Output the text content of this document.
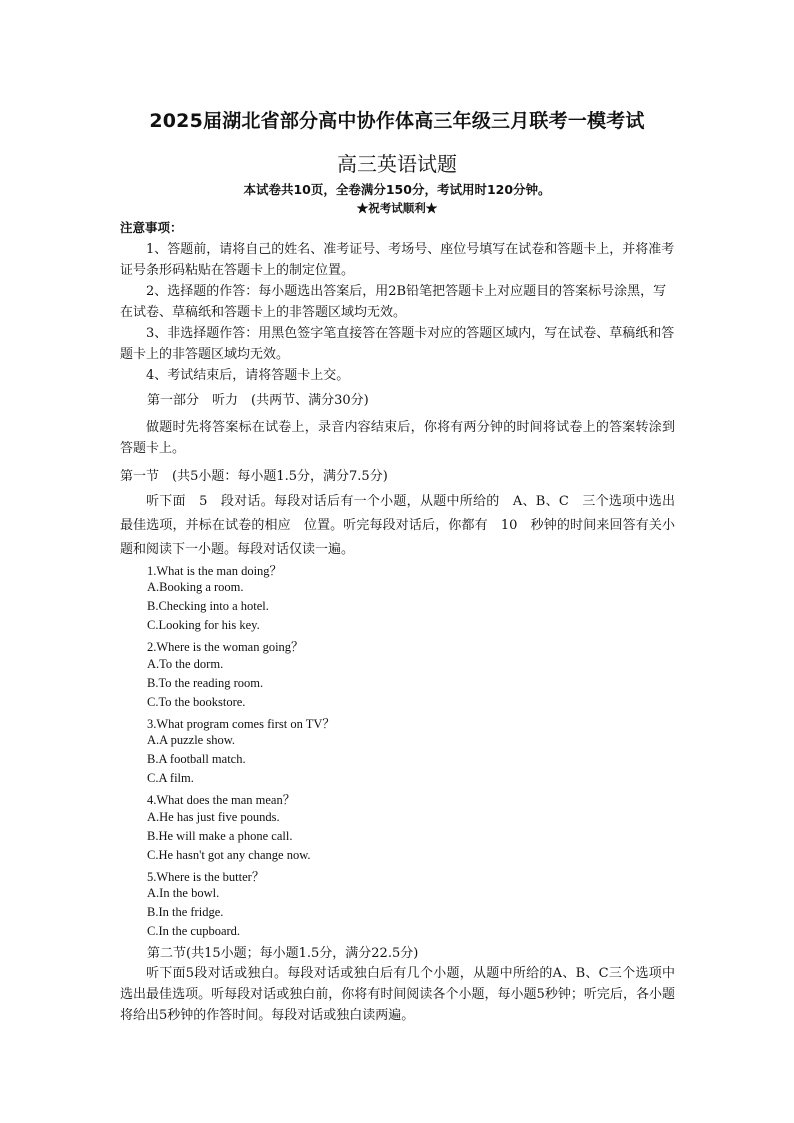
2025届湖北省部分高中协作体高三年级三月联考一模考试
高三英语试题
本试卷共10页，全卷满分150分，考试用时120分钟。
★祝考试顺利★
注意事项：

1、答题前，请将自己的姓名、准考证号、考场号、座位号填写在试卷和答题卡上，并将准考证号条形码粘贴在答题卡上的制定位置。

2、选择题的作答：每小题选出答案后，用2B铅笔把答题卡上对应题目的答案标号涂黑，写在试卷、草稿纸和答题卡上的非答题区域均无效。

3、非选择题作答：用黑色签字笔直接答在答题卡对应的答题区域内，写在试卷、草稿纸和答题卡上的非答题区域均无效。

4、考试结束后，请将答题卡上交。

第一部分　听力　(共两节、满分30分)
做题时先将答案标在试卷上，录音内容结束后，你将有两分钟的时间将试卷上的答案转涂到答题卡上。
第一节　(共5小题：每小题1.5分，满分7.5分)
听下面　5　段对话。每段对话后有一个小题，从题中所给的　A、B、C　三个选项中选出最佳选项，并标在试卷的相应　位置。听完每段对话后，你都有　10　秒钟的时间来回答有关小题和阅读下一小题。每段对话仅读一遍。
1.What is the man doing？
A.Booking a room.
B.Checking into a hotel.
C.Looking for his key.
2.Where is the woman going？
A.To the dorm.
B.To the reading room.
C.To the bookstore.
3.What program comes first on TV？
A.A puzzle show.
B.A football match.
C.A film.
4.What does the man mean？
A.He has just five pounds.
B.He will make a phone call.
C.He hasn't got any change now.
5.Where is the butter？
A.In the bowl.
B.In the fridge.
C.In the cupboard.
第二节(共15小题；每小题1.5分，满分22.5分)
听下面5段对话或独白。每段对话或独白后有几个小题，从题中所给的A、B、C三个选项中选出最佳选项。听每段对话或独白前，你将有时间阅读各个小题，每小题5秒钟；听完后，各小题将给出5秒钟的作答时间。每段对话或独白读两遍。
